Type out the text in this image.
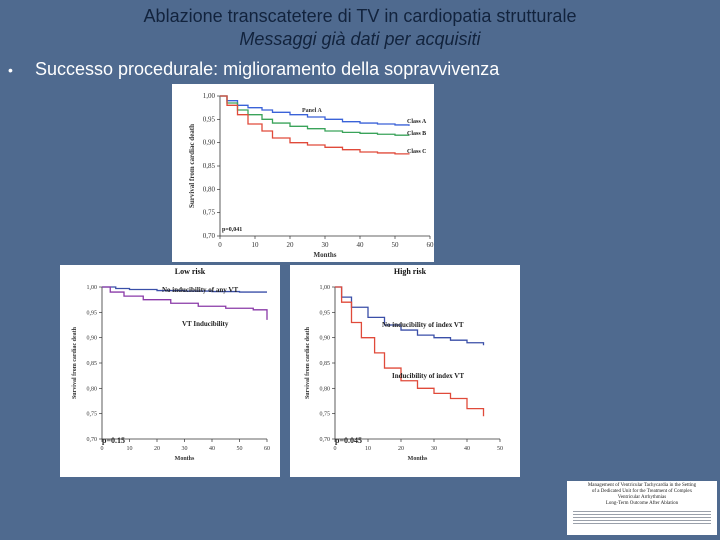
Ablazione transcatetere di TV in cardiopatia strutturale
Messaggi già dati per acquisiti
• Successo procedurale: miglioramento della sopravvivenza
0,70
0,75
0,80
0,85
0,90
0,95
1,00
0	10	20	30	40	50	60
Months
Survival from cardiac death
Panel A
Class A
Class B
Class C
p=0,041
0,70
0,75
0,80
0,85
0,90
0,95
1,00
0	10	20	30	40	50	60
Months
Survival from cardiac death
Low risk
No inducibility of any VT
VT Inducibility
p=0.15	0,70
0,75
0,80
0,85
0,90
0,95
1,00
0	10	20	30	40	50
Months
Survival from cardiac death
High risk
No inducibility of index VT
Inducibility of index VT
p=0.045
Management of Ventricular Tachycardia in the Setting
of a Dedicated Unit for the Treatment of Complex
Ventricular Arrhythmias
Long-Term Outcome After Ablation
